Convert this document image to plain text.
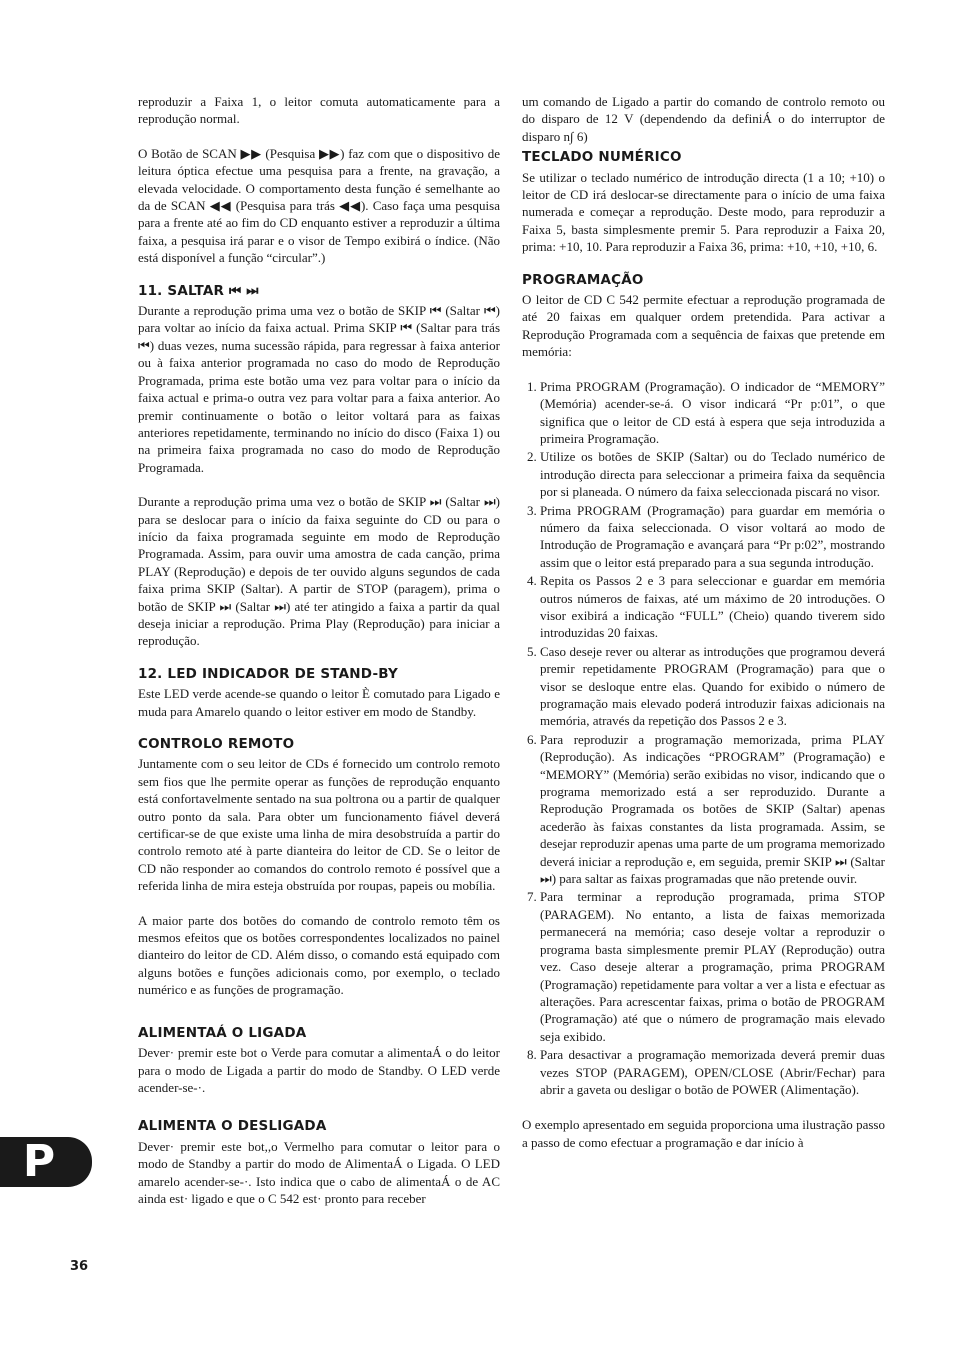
reproduzir a Faixa 1, o leitor comuta automaticamente para a reprodução normal.

O Botão de SCAN ▶▶ (Pesquisa ▶▶) faz com que o dispositivo de leitura óptica efectue uma pesquisa para a frente, na gravação, a elevada velocidade. O comportamento desta função é semelhante ao da de SCAN ◀◀ (Pesquisa para trás ◀◀). Caso faça uma pesquisa para a frente até ao fim do CD enquanto estiver a reproduzir a última faixa, a pesquisa irá parar e o visor de Tempo exibirá o índice. (Não está disponível a função “circular”.)

11. SALTAR ⏮ ⏭

Durante a reprodução prima uma vez o botão de SKIP ⏮ (Saltar ⏮) para voltar ao início da faixa actual. Prima SKIP ⏮ (Saltar para trás ⏮) duas vezes, numa sucessão rápida, para regressar à faixa anterior ou à faixa anterior programada no caso do modo de Reprodução Programada, prima este botão uma vez para voltar para o início da faixa actual e prima-o outra vez para voltar para a faixa anterior. Ao premir continuamente o botão o leitor voltará para as faixas anteriores repetidamente, terminando no início do disco (Faixa 1) ou na primeira faixa programada no caso do modo de Reprodução Programada.

Durante a reprodução prima uma vez o botão de SKIP ⏭ (Saltar ⏭) para se deslocar para o início da faixa seguinte do CD ou para o início da faixa programada seguinte em modo de Reprodução Programada. Assim, para ouvir uma amostra de cada canção, prima PLAY (Reprodução) e depois de ter ouvido alguns segundos de cada faixa prima SKIP (Saltar). A partir de STOP (paragem), prima o botão de SKIP ⏭ (Saltar ⏭) até ter atingido a faixa a partir da qual deseja iniciar a reprodução. Prima Play (Reprodução) para iniciar a reprodução.

12. LED INDICADOR DE STAND-BY

Este LED verde acende-se quando o leitor È comutado para Ligado e muda para Amarelo quando o leitor estiver em modo de Standby.

CONTROLO REMOTO

Juntamente com o seu leitor de CDs é fornecido um controlo remoto sem fios que lhe permite operar as funções de reprodução enquanto está confortavelmente sentado na sua poltrona ou a partir de qualquer outro ponto da sala. Para obter um funcionamento fiável deverá certificar-se de que existe uma linha de mira desobstruída a partir do controlo remoto até à parte dianteira do leitor de CD. Se o leitor de CD não responder ao comandos do controlo remoto é possível que a referida linha de mira esteja obstruída por roupas, papeis ou mobília.

A maior parte dos botões do comando de controlo remoto têm os mesmos efeitos que os botões correspondentes localizados no painel dianteiro do leitor de CD. Além disso, o comando está equipado com alguns botões e funções adicionais como, por exemplo, o teclado numérico e as funções de programação.

ALIMENTAÁ O LIGADA

Dever· premir este bot o Verde para comutar a alimentaÁ o do leitor para o modo de Ligada a partir do modo de Standby. O LED verde acender-se-·.

ALIMENTA O DESLIGADA

Dever· premir este bot,,o Vermelho para comutar o leitor para o modo de Standby a partir do modo de AlimentaÁ o Ligada. O LED amarelo acender-se-·. Isto indica que o cabo de alimentaÁ o de AC ainda est· ligado e que o C 542 est· pronto para receber

um comando de Ligado a partir do comando de controlo remoto ou do disparo de 12 V (dependendo da definiÁ o do interruptor de disparo n∫ 6)

TECLADO NUMÉRICO

Se utilizar o teclado numérico de introdução directa (1 a 10; +10) o leitor de CD irá deslocar-se directamente para o início de uma faixa numerada e começar a reprodução. Deste modo, para reproduzir a Faixa 5, basta simplesmente premir 5. Para reproduzir a Faixa 20, prima: +10, 10. Para reproduzir a Faixa 36, prima: +10, +10, +10, 6.

PROGRAMAÇÃO

O leitor de CD C 542 permite efectuar a reprodução programada de até 20 faixas em qualquer ordem pretendida. Para activar a Reprodução Programada com a sequência de faixas que pretende em memória:

1. Prima PROGRAM (Programação). O indicador de “MEMORY” (Memória) acender-se-á. O visor indicará “Pr p:01”, o que significa que o leitor de CD está à espera que seja introduzida a primeira Programação.
2. Utilize os botões de SKIP (Saltar) ou do Teclado numérico de introdução directa para seleccionar a primeira faixa da sequência por si planeada. O número da faixa seleccionada piscará no visor.
3. Prima PROGRAM (Programação) para guardar em memória o número da faixa seleccionada. O visor voltará ao modo de Introdução de Programação e avançará para “Pr p:02”, mostrando assim que o leitor está preparado para a sua segunda introdução.
4. Repita os Passos 2 e 3 para seleccionar e guardar em memória outros números de faixas, até um máximo de 20 introduções. O visor exibirá a indicação “FULL” (Cheio) quando tiverem sido introduzidas 20 faixas.
5. Caso deseje rever ou alterar as introduções que programou deverá premir repetidamente PROGRAM (Programação) para que o visor se desloque entre elas. Quando for exibido o número de programação mais elevado poderá introduzir faixas adicionais na memória, através da repetição dos Passos 2 e 3.
6. Para reproduzir a programação memorizada, prima PLAY (Reprodução). As indicações “PROGRAM” (Programação) e “MEMORY” (Memória) serão exibidas no visor, indicando que o programa memorizado está a ser reproduzido. Durante a Reprodução Programada os botões de SKIP (Saltar) apenas acederão às faixas constantes da lista programada. Assim, se desejar reproduzir apenas uma parte de um programa memorizado deverá iniciar a reprodução e, em seguida, premir SKIP ⏭ (Saltar ⏭) para saltar as faixas programadas que não pretende ouvir.
7. Para terminar a reprodução programada, prima STOP (PARAGEM). No entanto, a lista de faixas memorizada permanecerá na memória; caso deseje voltar a reproduzir o programa basta simplesmente premir PLAY (Reprodução) outra vez. Caso deseje alterar a programação, prima PROGRAM (Programação) repetidamente para voltar a ver a lista e efectuar as alterações. Para acrescentar faixas, prima o botão de PROGRAM (Programação) até que o número de programação mais elevado seja exibido.
8. Para desactivar a programação memorizada deverá premir duas vezes STOP (PARAGEM), OPEN/CLOSE (Abrir/Fechar) para abrir a gaveta ou desligar o botão de POWER (Alimentação).

O exemplo apresentado em seguida proporciona uma ilustração passo a passo de como efectuar a programação e dar início à

P
36
